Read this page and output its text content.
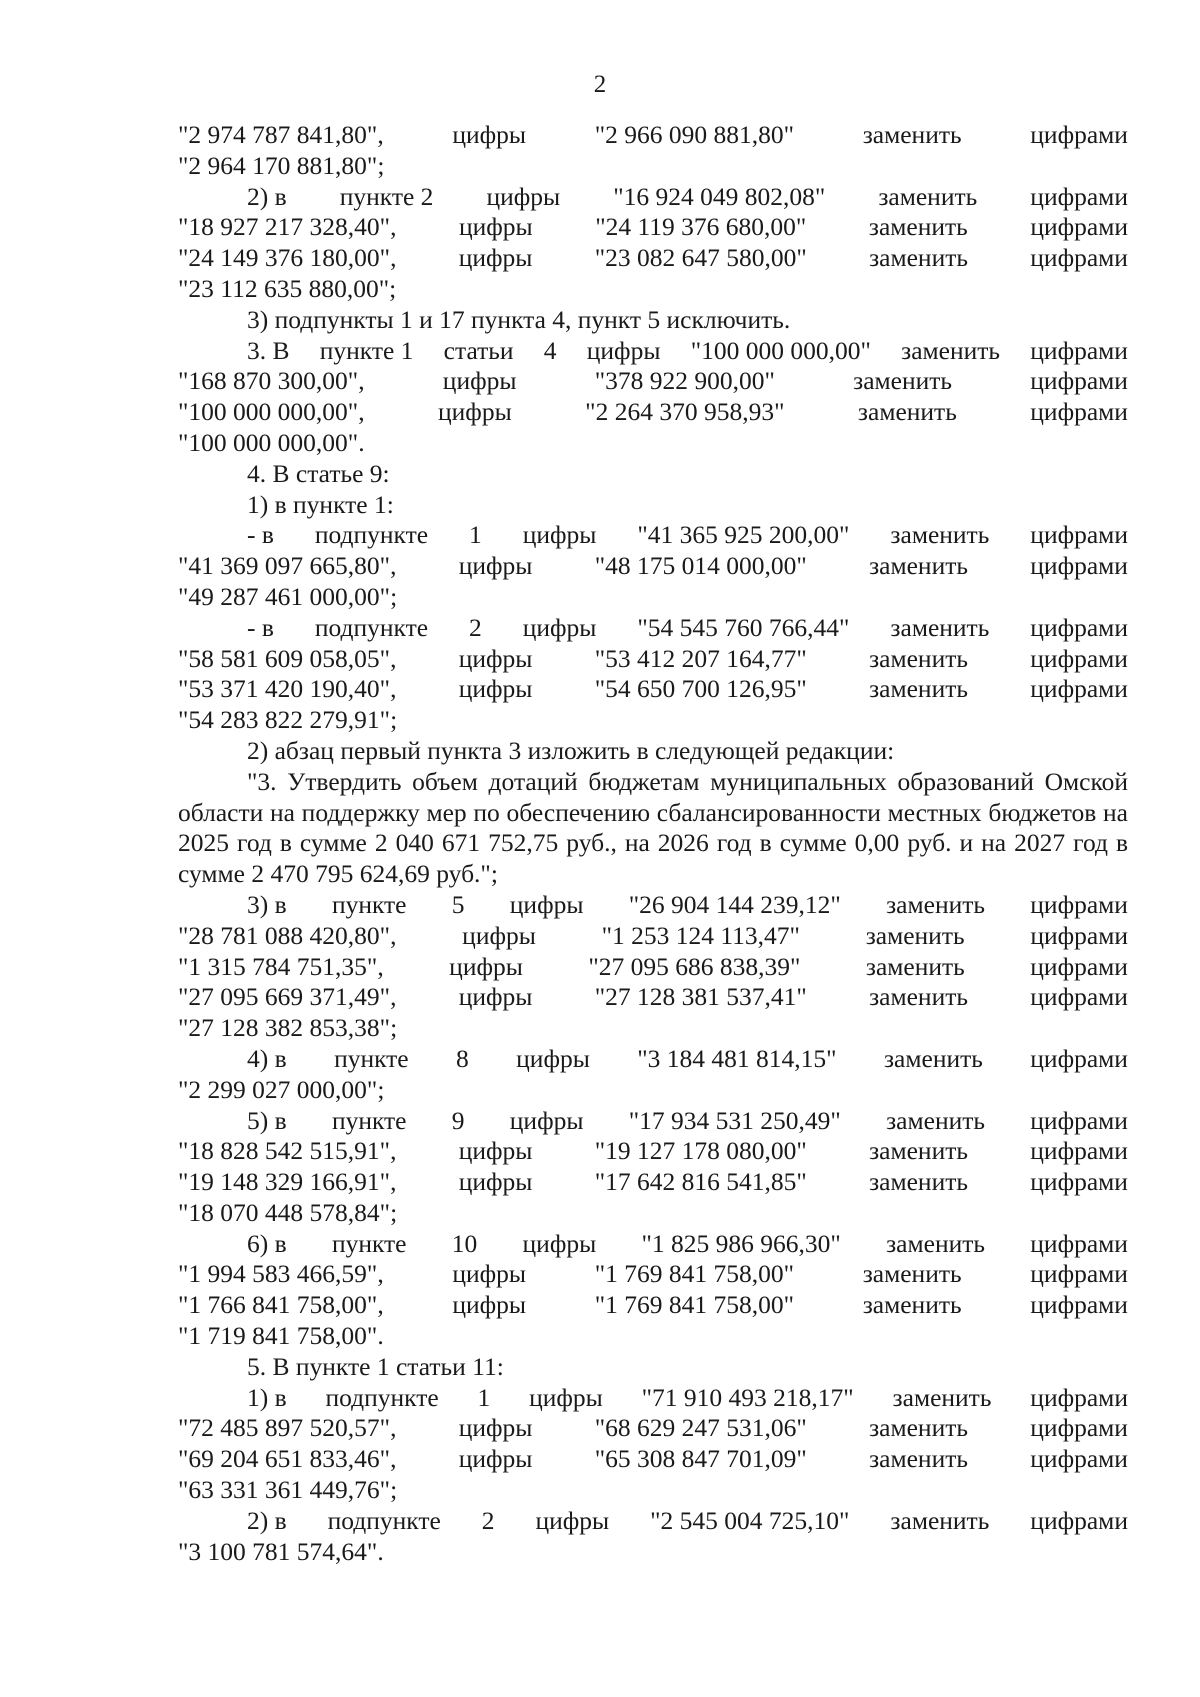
2
"2 974 787 841,80",	цифры	"2 966 090 881,80"	заменить	цифрами
"2 964 170 881,80";
2) в пункте 2 цифры "16 924 049 802,08" заменить цифрами
"18 927 217 328,40", цифры "24 119 376 680,00" заменить цифрами
"24 149 376 180,00", цифры "23 082 647 580,00" заменить цифрами
"23 112 635 880,00";
3) подпункты 1 и 17 пункта 4, пункт 5 исключить.
3. В пункте 1 статьи 4 цифры "100 000 000,00" заменить цифрами
"168 870 300,00",	цифры	"378 922 900,00"	заменить	цифрами
"100 000 000,00",	цифры	"2 264 370 958,93"	заменить	цифрами
"100 000 000,00".
4. В статье 9:
1) в пункте 1:
- в подпункте 1 цифры "41 365 925 200,00" заменить цифрами
"41 369 097 665,80", цифры "48 175 014 000,00" заменить цифрами
"49 287 461 000,00";
- в подпункте 2 цифры "54 545 760 766,44" заменить цифрами
"58 581 609 058,05", цифры "53 412 207 164,77" заменить цифрами
"53 371 420 190,40", цифры "54 650 700 126,95" заменить цифрами
"54 283 822 279,91";
2) абзац первый пункта 3 изложить в следующей редакции:
"3. Утвердить объем дотаций бюджетам муниципальных образований Омской области на поддержку мер по обеспечению сбалансированности местных бюджетов на 2025 год в сумме 2 040 671 752,75 руб., на 2026 год в сумме 0,00 руб. и на 2027 год в сумме 2 470 795 624,69 руб.";
3) в пункте 5 цифры "26 904 144 239,12" заменить цифрами
"28 781 088 420,80",	цифры	"1 253 124 113,47"	заменить	цифрами
"1 315 784 751,35",	цифры	"27 095 686 838,39"	заменить	цифрами
"27 095 669 371,49", цифры "27 128 381 537,41" заменить цифрами
"27 128 382 853,38";
4) в пункте 8 цифры "3 184 481 814,15" заменить цифрами
"2 299 027 000,00";
5) в пункте 9 цифры "17 934 531 250,49" заменить цифрами
"18 828 542 515,91", цифры "19 127 178 080,00" заменить цифрами
"19 148 329 166,91", цифры "17 642 816 541,85" заменить цифрами
"18 070 448 578,84";
6) в пункте 10 цифры "1 825 986 966,30" заменить цифрами
"1 994 583 466,59",	цифры	"1 769 841 758,00"	заменить	цифрами
"1 766 841 758,00",	цифры	"1 769 841 758,00"	заменить	цифрами
"1 719 841 758,00".
5. В пункте 1 статьи 11:
1) в подпункте 1 цифры "71 910 493 218,17" заменить цифрами
"72 485 897 520,57", цифры "68 629 247 531,06" заменить цифрами
"69 204 651 833,46", цифры "65 308 847 701,09" заменить цифрами
"63 331 361 449,76";
2) в подпункте 2 цифры "2 545 004 725,10" заменить цифрами
"3 100 781 574,64".
